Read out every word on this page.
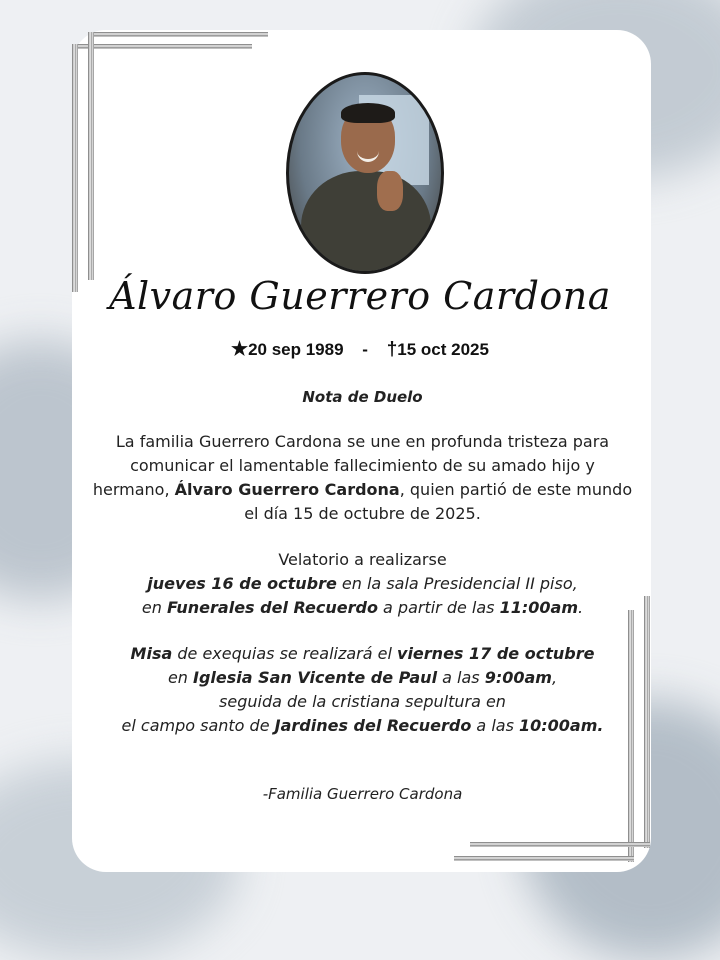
Álvaro Guerrero Cardona
★20 sep 1989 - †15 oct 2025
Nota de Duelo
La familia Guerrero Cardona se une en profunda tristeza para comunicar el lamentable fallecimiento de su amado hijo y hermano, Álvaro Guerrero Cardona, quien partió de este mundo el día 15 de octubre de 2025.
Velatorio a realizarse
jueves 16 de octubre en la sala Presidencial II piso,
en Funerales del Recuerdo a partir de las 11:00am.
Misa de exequias se realizará el viernes 17 de octubre
en Iglesia San Vicente de Paul a las 9:00am,
seguida de la cristiana sepultura en
el campo santo de Jardines del Recuerdo a las 10:00am.
-Familia Guerrero Cardona
